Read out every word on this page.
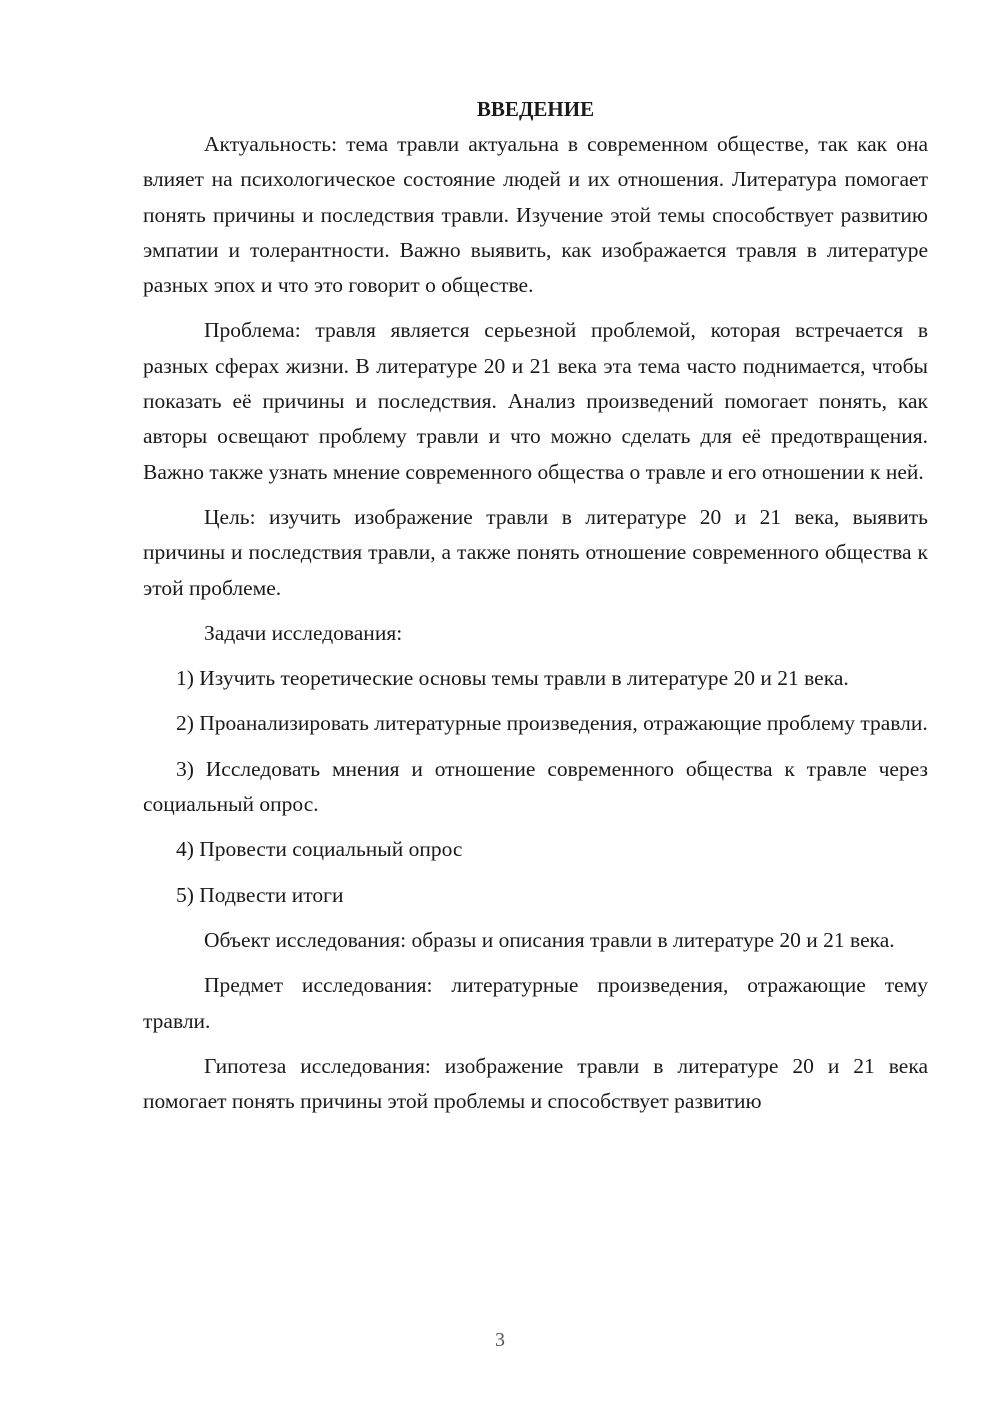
ВВЕДЕНИЕ

Актуальность: тема травли актуальна в современном обществе, так как она влияет на психологическое состояние людей и их отношения. Литература помогает понять причины и последствия травли. Изучение этой темы способствует развитию эмпатии и толерантности. Важно выявить, как изображается травля в литературе разных эпох и что это говорит о обществе.

Проблема: травля является серьезной проблемой, которая встречается в разных сферах жизни. В литературе 20 и 21 века эта тема часто поднимается, чтобы показать её причины и последствия. Анализ произведений помогает понять, как авторы освещают проблему травли и что можно сделать для её предотвращения. Важно также узнать мнение современного общества о травле и его отношении к ней.

Цель: изучить изображение травли в литературе 20 и 21 века, выявить причины и последствия травли, а также понять отношение современного общества к этой проблеме.

Задачи исследования:

1) Изучить теоретические основы темы травли в литературе 20 и 21 века.

2) Проанализировать литературные произведения, отражающие проблему травли.

3) Исследовать мнения и отношение современного общества к травле через социальный опрос.

4) Провести социальный опрос

5) Подвести итоги

Объект исследования: образы и описания травли в литературе 20 и 21 века.

Предмет исследования: литературные произведения, отражающие тему травли.

Гипотеза исследования: изображение травли в литературе 20 и 21 века помогает понять причины этой проблемы и способствует развитию

3
